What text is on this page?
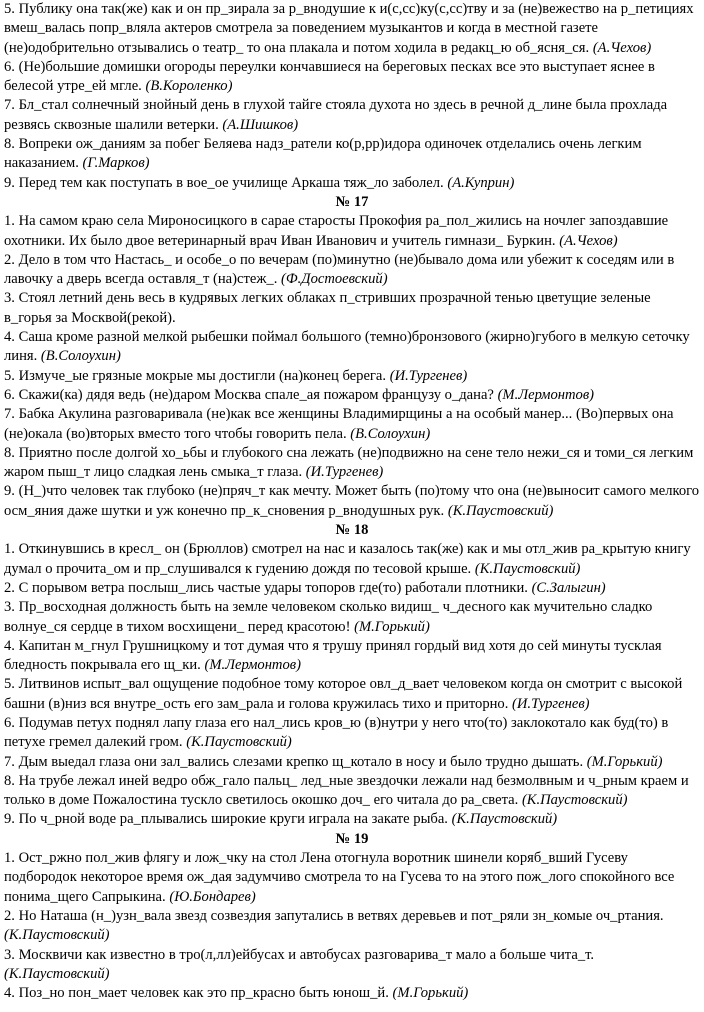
5. Публику она так(же) как и он пр_зирала за р_внодушие к и(с,сс)ку(с,сс)тву и за (не)вежество на р_петициях вмеш_валась попр_вляла актеров смотрела за поведением музыкантов и когда в местной газете (не)одобрительно отзывались о театр_ то она плакала и потом ходила в редакц_ю об_ясня_ся. (А.Чехов)
6. (Не)большие домишки огороды переулки кончавшиеся на береговых песках все это выступает яснее в белесой утре_ей мгле. (В.Короленко)
7. Бл_стал солнечный знойный день в глухой тайге стояла духота но здесь в речной д_лине была прохлада резвясь сквозные шалили ветерки. (А.Шишков)
8. Вопреки ож_даниям за побег Беляева надз_ратели ко(р,рр)идора одиночек отделались очень легким наказанием. (Г.Марков)
9. Перед тем как поступать в вое_ое училище Аркаша тяж_ло заболел. (А.Куприн)
№ 17
1. На самом краю села Мироносицкого в сарае старосты Прокофия ра_пол_жились на ночлег запоздавшие охотники. Их было двое ветеринарный врач Иван Иванович и учитель гимнази_ Буркин. (А.Чехов)
2. Дело в том что Настась_ и особе_о по вечерам (по)минутно (не)бывало дома или убежит к соседям или в лавочку а дверь всегда оставля_т (на)стеж_. (Ф.Достоевский)
3. Стоял летний день весь в кудрявых легких облаках п_стривших прозрачной тенью цветущие зеленые в_горья за Москвой(рекой).
4. Саша кроме разной мелкой рыбешки поймал большого (темно)бронзового (жирно)губого в мелкую сеточку линя. (В.Солоухин)
5. Измуче_ые грязные мокрые мы достигли (на)конец берега. (И.Тургенев)
6. Скажи(ка) дядя ведь (не)даром Москва спале_ая пожаром французу о_дана? (М.Лермонтов)
7. Бабка Акулина разговаривала (не)как все женщины Владимирщины а на особый манер... (Во)первых она (не)окала (во)вторых вместо того чтобы говорить пела. (В.Солоухин)
8. Приятно после долгой хо_ьбы и глубокого сна лежать (не)подвижно на сене тело нежи_ся и томи_ся легким жаром пыш_т лицо сладкая лень смыка_т глаза. (И.Тургенев)
9. (Н_)что человек так глубоко (не)пряч_т как мечту. Может быть (по)тому что она (не)выносит самого мелкого осм_яния даже шутки и уж конечно пр_к_сновения р_внодушных рук. (К.Паустовский)
№ 18
1. Откинувшись в кресл_ он (Брюллов) смотрел на нас и казалось так(же) как и мы отл_жив ра_крытую книгу думал о прочита_ом и пр_слушивался к гудению дождя по тесовой крыше. (К.Паустовский)
2. С порывом ветра послыш_лись частые удары топоров где(то) работали плотники. (С.Залыгин)
3. Пр_восходная должность быть на земле человеком сколько видиш_ ч_десного как мучительно сладко волнуе_ся сердце в тихом восхищени_ перед красотою! (М.Горький)
4. Капитан м_гнул Грушницкому и тот думая что я трушу принял гордый вид хотя до сей минуты тусклая бледность покрывала его щ_ки. (М.Лермонтов)
5. Литвинов испыт_вал ощущение подобное тому которое овл_д_вает человеком когда он смотрит с высокой башни (в)низ вся внутре_ость его зам_рала и голова кружилась тихо и приторно. (И.Тургенев)
6. Подумав петух поднял лапу глаза его нал_лись кров_ю (в)нутри у него что(то) заклокотало как буд(то) в петухе гремел далекий гром. (К.Паустовский)
7. Дым выедал глаза они зал_вались слезами крепко щ_котало в носу и было трудно дышать. (М.Горький)
8. На трубе лежал иней ведро обж_гало пальц_ лед_ные звездочки лежали над безмолвным и ч_рным краем и только в доме Пожалостина тускло светилось окошко доч_ его читала до ра_света. (К.Паустовский)
9. По ч_рной воде ра_плывались широкие круги играла на закате рыба. (К.Паустовский)
№ 19
1. Ост_ржно пол_жив флягу и лож_чку на стол Лена отогнула воротник шинели коряб_вший Гусеву подбородок некоторое время ож_дая задумчиво смотрела то на Гусева то на этого пож_лого спокойного все понима_щего Сапрыкина. (Ю.Бондарев)
2. Но Наташа (н_)узн_вала звезд созвездия запутались в ветвях деревьев и пот_ряли зн_комые оч_ртания. (К.Паустовский)
3. Москвичи как известно в тро(л,лл)ейбусах и автобусах разговарива_т мало а больше чита_т. (К.Паустовский)
4. Поз_но пон_мает человек как это пр_красно быть юнош_й. (М.Горький)
